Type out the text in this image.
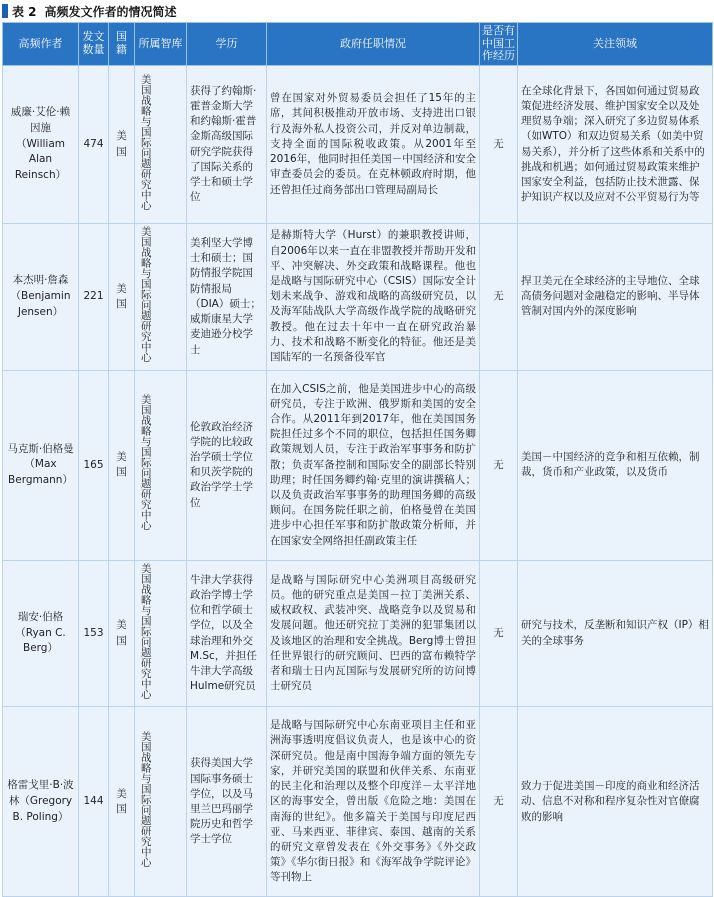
表 2 高频发文作者的情况简述
高频作者	发文数量	国籍	所属智库	学历	政府任职情况	是否有中国工作经历	关注领域
威廉·艾伦·赖因施（William Alan Reinsch）	474	美国	美国战略与国际问题研究中心	获得了约翰斯·霍普金斯大学和约翰斯·霍普金斯高级国际研究学院获得了国际关系的学士和硕士学位	曾在国家对外贸易委员会担任了15年的主席，其间积极推动开放市场、支持进出口银行及海外私人投资公司，并反对单边制裁，支持全面的国际税收政策。从2001年至2016年，他同时担任美国－中国经济和安全审查委员会的委员。在克林顿政府时期，他还曾担任过商务部出口管理局副局长	无	在全球化背景下，各国如何通过贸易政策促进经济发展、维护国家安全以及处理贸易争端；深入研究了多边贸易体系（如WTO）和双边贸易关系（如美中贸易关系），并分析了这些体系和关系中的挑战和机遇；如何通过贸易政策来维护国家安全利益，包括防止技术泄露、保护知识产权以及应对不公平贸易行为等
本杰明·詹森（Benjamin Jensen）	221	美国	美国战略与国际问题研究中心	美利坚大学博士和硕士；国防情报学院国防情报局（DIA）硕士；威斯康星大学麦迪逊分校学士	是赫斯特大学（Hurst）的兼职教授讲师，自2006年以来一直在非盟教授并帮助开发和平、冲突解决、外交政策和战略课程。他也是战略与国际研究中心（CSIS）国际安全计划未来战争、游戏和战略的高级研究员，以及海军陆战队大学高级作战学院的战略研究教授。他在过去十年中一直在研究政治暴力、技术和战略不断变化的特征。他还是美国陆军的一名预备役军官	无	捍卫美元在全球经济的主导地位、全球高债务问题对金融稳定的影响、半导体管制对国内外的深度影响
马克斯·伯格曼（Max Bergmann）	165	美国	美国战略与国际问题研究中心	伦敦政治经济学院的比较政治学硕士学位和贝茨学院的政治学学士学位	在加入CSIS之前，他是美国进步中心的高级研究员，专注于欧洲、俄罗斯和美国的安全合作。从2011年到2017年，他在美国国务院担任过多个不同的职位，包括担任国务卿政策规划人员，专注于政治军事事务和防扩散；负责军备控制和国际安全的副部长特别助理；时任国务卿约翰·克里的演讲撰稿人；以及负责政治军事事务的助理国务卿的高级顾问。在国务院任职之前，伯格曼曾在美国进步中心担任军事和防扩散政策分析师，并在国家安全网络担任副政策主任	无	美国－中国经济的竞争和相互依赖，制裁，货币和产业政策，以及货币
瑞安·伯格（Ryan C. Berg）	153	美国	美国战略与国际问题研究中心	牛津大学获得政治学博士学位和哲学硕士学位，以及全球治理和外交M.Sc，并担任牛津大学高级Hulme研究员	是战略与国际研究中心美洲项目高级研究员。他的研究重点是美国－拉丁美洲关系、威权政权、武装冲突、战略竞争以及贸易和发展问题。他还研究拉丁美洲的犯罪集团以及该地区的治理和安全挑战。Berg博士曾担任世界银行的研究顾问、巴西的富布赖特学者和瑞士日内瓦国际与发展研究所的访问博士研究员	无	研究与技术，反垄断和知识产权（IP）相关的全球事务
格雷戈里·B·波林（Gregory B. Poling）	144	美国	美国战略与国际问题研究中心	获得美国大学国际事务硕士学位，以及马里兰巴玛丽学院历史和哲学学士学位	是战略与国际研究中心东南亚项目主任和亚洲海事透明度倡议负责人，也是该中心的资深研究员。他是南中国海争端方面的领先专家，并研究美国的联盟和伙伴关系、东南亚的民主化和治理以及整个印度洋－太平洋地区的海事安全，曾出版《危险之地：美国在南海的世纪》。他多篇关于美国与印度尼西亚、马来西亚、菲律宾、泰国、越南的关系的研究文章曾发表在《外交事务》《外交政策》《华尔街日报》和《海军战争学院评论》等刊物上	无	致力于促进美国－印度的商业和经济活动、信息不对称和程序复杂性对官僚腐败的影响
